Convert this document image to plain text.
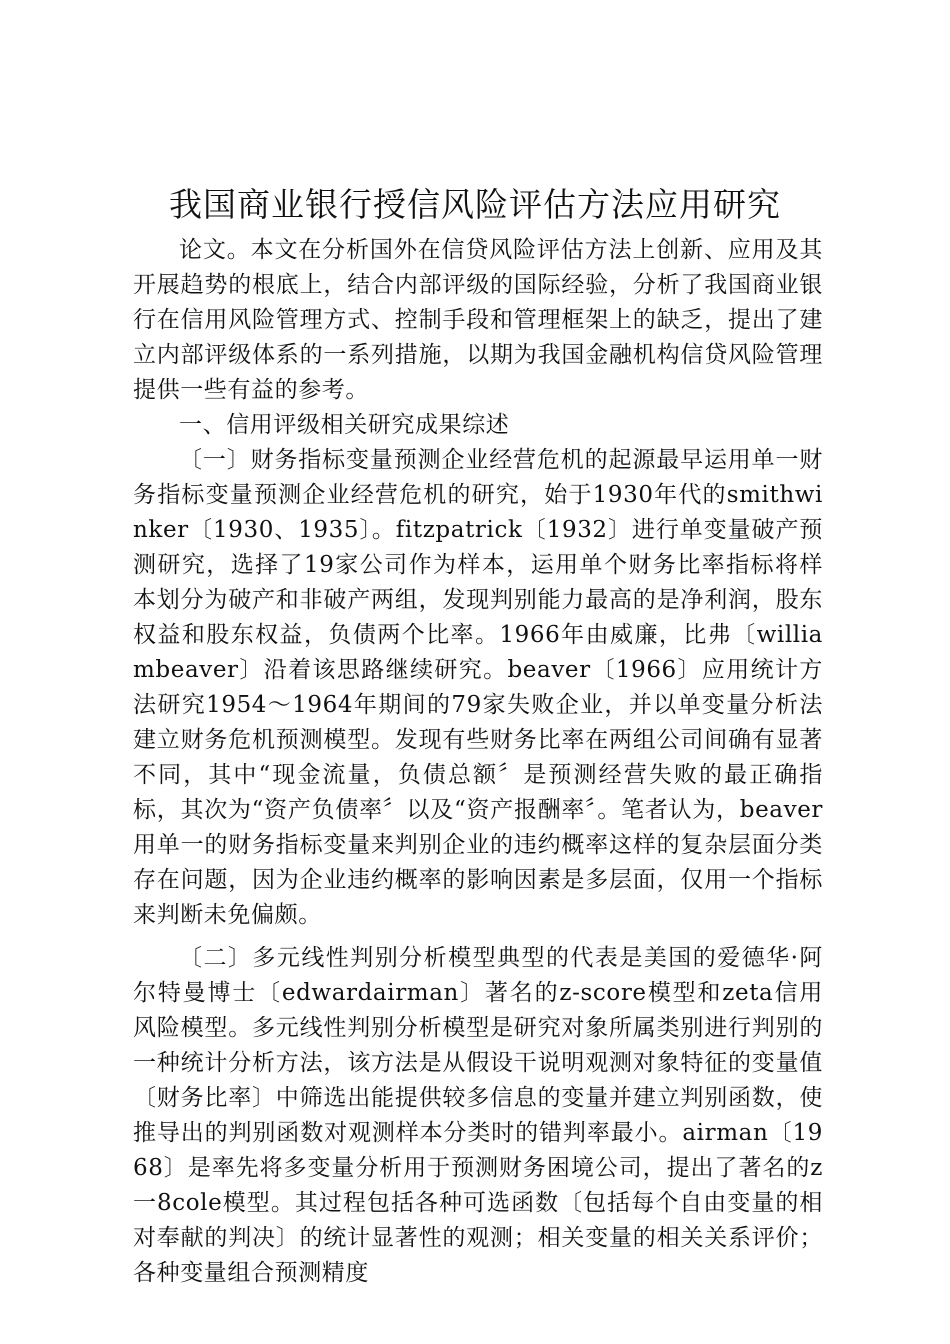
我国商业银行授信风险评估方法应用研究

论文。本文在分析国外在信贷风险评估方法上创新、应用及其开展趋势的根底上，结合内部评级的国际经验，分析了我国商业银行在信用风险管理方式、控制手段和管理框架上的缺乏，提出了建立内部评级体系的一系列措施，以期为我国金融机构信贷风险管理提供一些有益的参考。

一、信用评级相关研究成果综述

〔一〕财务指标变量预测企业经营危机的起源最早运用单一财务指标变量预测企业经营危机的研究，始于1930年代的smithwinker〔1930、1935〕。fitzpatrick〔1932〕进行单变量破产预测研究，选择了19家公司作为样本，运用单个财务比率指标将样本划分为破产和非破产两组，发现判别能力最高的是净利润，股东权益和股东权益，负债两个比率。1966年由威廉，比弗〔williambeaver〕沿着该思路继续研究。beaver〔1966〕应用统计方法研究1954～1964年期间的79家失败企业，并以单变量分析法建立财务危机预测模型。发现有些财务比率在两组公司间确有显著不同，其中“现金流量，负债总额〞是预测经营失败的最正确指标，其次为“资产负债率〞以及“资产报酬率〞。笔者认为，beaver用单一的财务指标变量来判别企业的违约概率这样的复杂层面分类存在问题，因为企业违约概率的影响因素是多层面，仅用一个指标来判断未免偏颇。

〔二〕多元线性判别分析模型典型的代表是美国的爱德华·阿尔特曼博士〔edwardairman〕著名的z-score模型和zeta信用风险模型。多元线性判别分析模型是研究对象所属类别进行判别的一种统计分析方法，该方法是从假设干说明观测对象特征的变量值〔财务比率〕中筛选出能提供较多信息的变量并建立判别函数，使推导出的判别函数对观测样本分类时的错判率最小。airman〔1968〕是率先将多变量分析用于预测财务困境公司，提出了著名的z一8cole模型。其过程包括各种可选函数〔包括每个自由变量的相对奉献的判决〕的统计显著性的观测；相关变量的相关关系评价；各种变量组合预测精度
